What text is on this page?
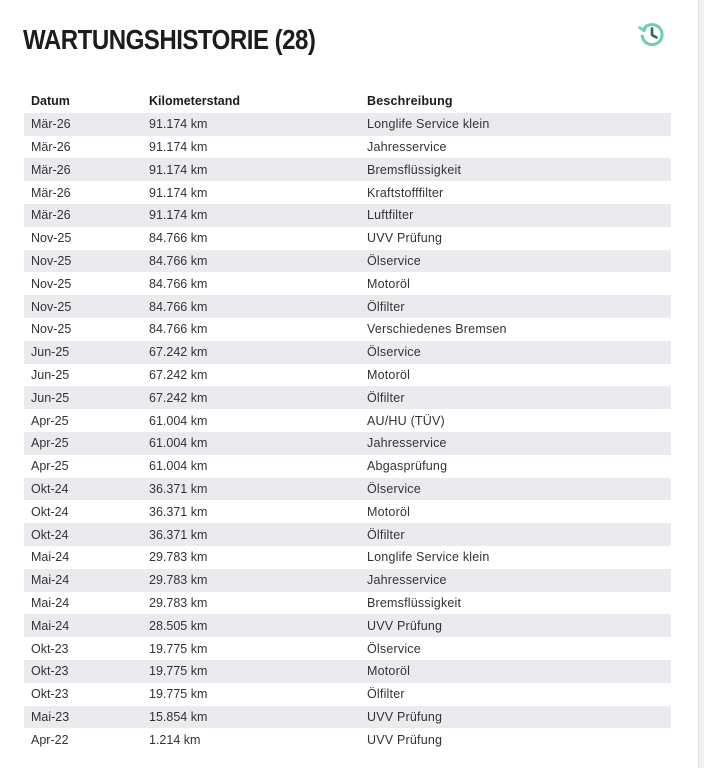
WARTUNGSHISTORIE (28)
Datum	Kilometerstand	Beschreibung
Mär-26	91.174 km	Longlife Service klein
Mär-26	91.174 km	Jahresservice
Mär-26	91.174 km	Bremsflüssigkeit
Mär-26	91.174 km	Kraftstofffilter
Mär-26	91.174 km	Luftfilter
Nov-25	84.766 km	UVV Prüfung
Nov-25	84.766 km	Ölservice
Nov-25	84.766 km	Motoröl
Nov-25	84.766 km	Ölfilter
Nov-25	84.766 km	Verschiedenes Bremsen
Jun-25	67.242 km	Ölservice
Jun-25	67.242 km	Motoröl
Jun-25	67.242 km	Ölfilter
Apr-25	61.004 km	AU/HU (TÜV)
Apr-25	61.004 km	Jahresservice
Apr-25	61.004 km	Abgasprüfung
Okt-24	36.371 km	Ölservice
Okt-24	36.371 km	Motoröl
Okt-24	36.371 km	Ölfilter
Mai-24	29.783 km	Longlife Service klein
Mai-24	29.783 km	Jahresservice
Mai-24	29.783 km	Bremsflüssigkeit
Mai-24	28.505 km	UVV Prüfung
Okt-23	19.775 km	Ölservice
Okt-23	19.775 km	Motoröl
Okt-23	19.775 km	Ölfilter
Mai-23	15.854 km	UVV Prüfung
Apr-22	1.214 km	UVV Prüfung
